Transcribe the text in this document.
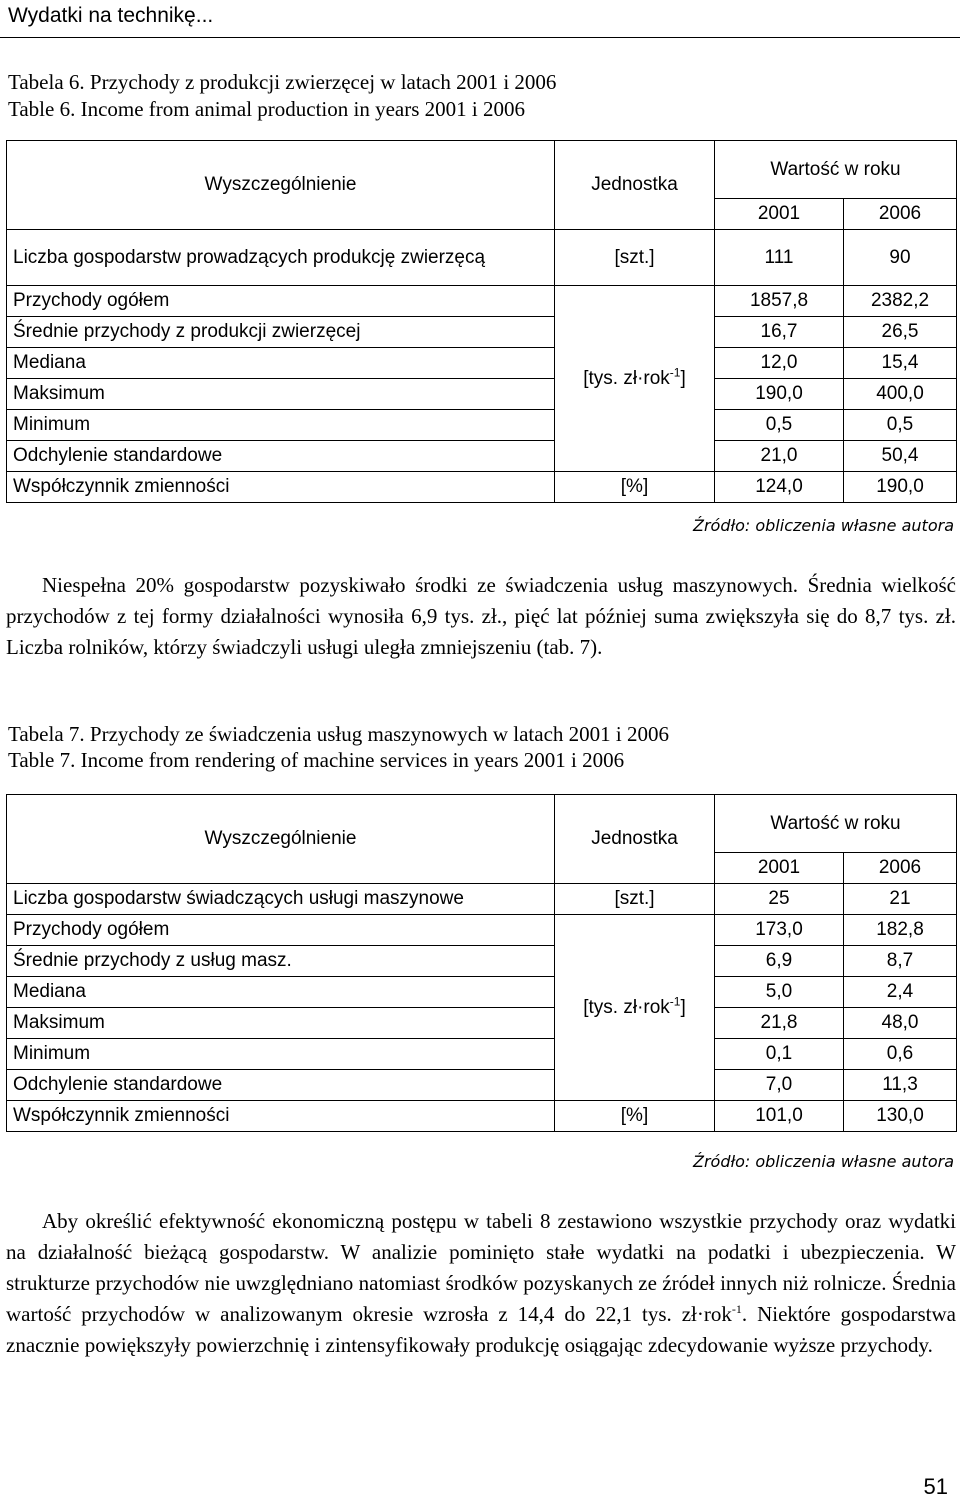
Wydatki na technikę...
Tabela 6. Przychody z produkcji zwierzęcej w latach 2001 i 2006
Table 6. Income from animal production in years 2001 i 2006
Wyszczególnienie	Jednostka	Wartość w roku	
		2001	2006
Liczba gospodarstw prowadzących produkcję zwierzęcą	[szt.]	111	90
Przychody ogółem	[tys. zł·rok$^{-1}$]	1857,8	2382,2
Średnie przychody z produkcji zwierzęcej		16,7	26,5
Mediana		12,0	15,4
Maksimum		190,0	400,0
Minimum		0,5	0,5
Odchylenie standardowe		21,0	50,4
Współczynnik zmienności	[%]	124,0	190,0
Źródło: obliczenia własne autora
Niespełna 20% gospodarstw pozyskiwało środki ze świadczenia usług maszynowych. Średnia wielkość przychodów z tej formy działalności wynosiła 6,9 tys. zł., pięć lat później suma zwiększyła się do 8,7 tys. zł. Liczba rolników, którzy świadczyli usługi uległa zmniejszeniu (tab. 7).
Tabela 7. Przychody ze świadczenia usług maszynowych w latach 2001 i 2006
Table 7. Income from rendering of machine services in years 2001 i 2006
Wyszczególnienie	Jednostka	Wartość w roku	
		2001	2006
Liczba gospodarstw świadczących usługi maszynowe	[szt.]	25	21
Przychody ogółem	[tys. zł·rok$^{-1}$]	173,0	182,8
Średnie przychody z usług masz.		6,9	8,7
Mediana		5,0	2,4
Maksimum		21,8	48,0
Minimum		0,1	0,6
Odchylenie standardowe		7,0	11,3
Współczynnik zmienności	[%]	101,0	130,0
Źródło: obliczenia własne autora
Aby określić efektywność ekonomiczną postępu w tabeli 8 zestawiono wszystkie przychody oraz wydatki na działalność bieżącą gospodarstw. W analizie pominięto stałe wydatki na podatki i ubezpieczenia. W strukturze przychodów nie uwzględniano natomiast środków pozyskanych ze źródeł innych niż rolnicze. Średnia wartość przychodów w analizowanym okresie wzrosła z 14,4 do 22,1 tys. zł·rok$^{-1}$. Niektóre gospodarstwa znacznie powiększyły powierzchnię i zintensyfikowały produkcję osiągając zdecydowanie wyższe przychody.
51
